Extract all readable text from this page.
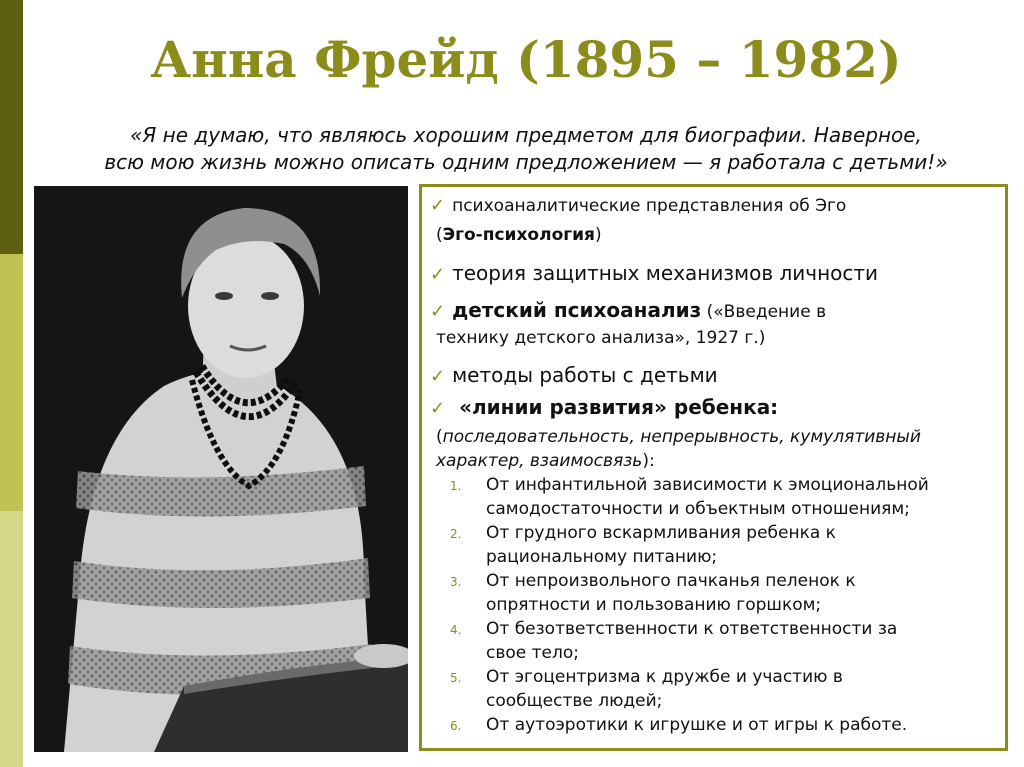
Анна Фрейд (1895 – 1982)
«Я не думаю, что являюсь хорошим предметом для биографии. Наверное,
всю мою жизнь можно описать одним предложением — я работала с детьми!»
✓ психоаналитические представления об Эго
(Эго-психология)
✓ теория защитных механизмов личности
✓ детский психоанализ («Введение в
технику детского анализа», 1927 г.)
✓ методы работы с детьми
✓ «линии развития» ребенка:
(последовательность, непрерывность, кумулятивный
характер, взаимосвязь):
1. От инфантильной зависимости к эмоциональной
самодостаточности и объектным отношениям;
2. От грудного вскармливания ребенка к
рациональному питанию;
3. От непроизвольного пачканья пеленок к
опрятности и пользованию горшком;
4. От безответственности к ответственности за
свое тело;
5. От эгоцентризма к дружбе и участию в
сообществе людей;
6. От аутоэротики к игрушке и от игры к работе.
